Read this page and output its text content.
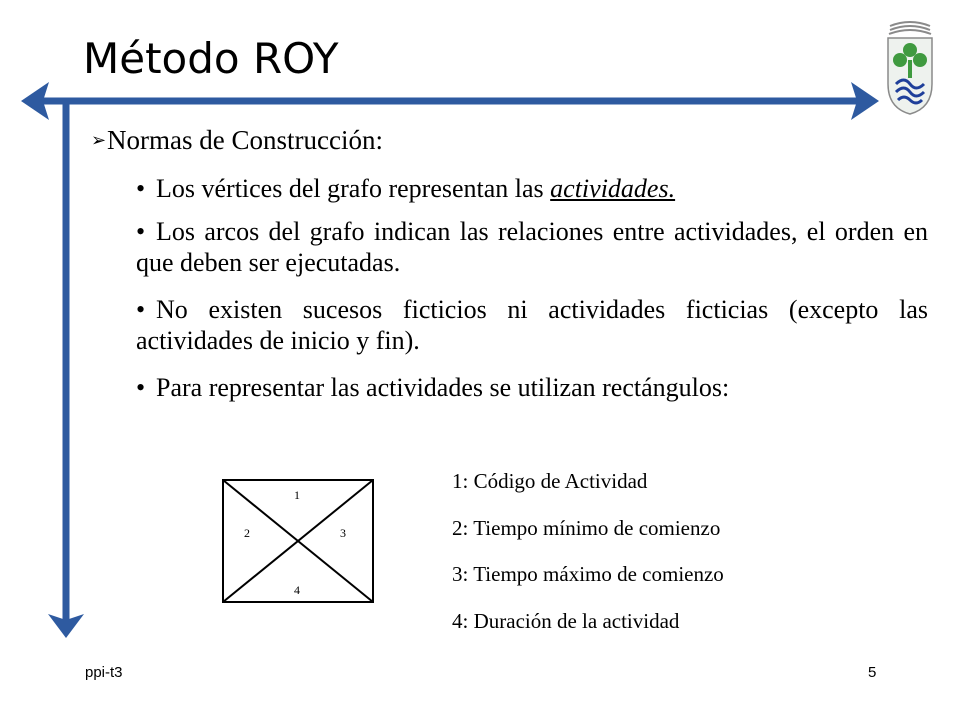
Método ROY
➢Normas de Construcción:
• Los vértices del grafo representan las actividades.
• Los arcos del grafo indican las relaciones entre actividades, el orden en que deben ser ejecutadas.
• No existen sucesos ficticios ni actividades ficticias (excepto las actividades de inicio y fin).
• Para representar las actividades se utilizan rectángulos:
1
2	3
4
1: Código de Actividad
2: Tiempo mínimo de comienzo
3: Tiempo máximo de comienzo
4: Duración de la actividad
ppi-t3	5
